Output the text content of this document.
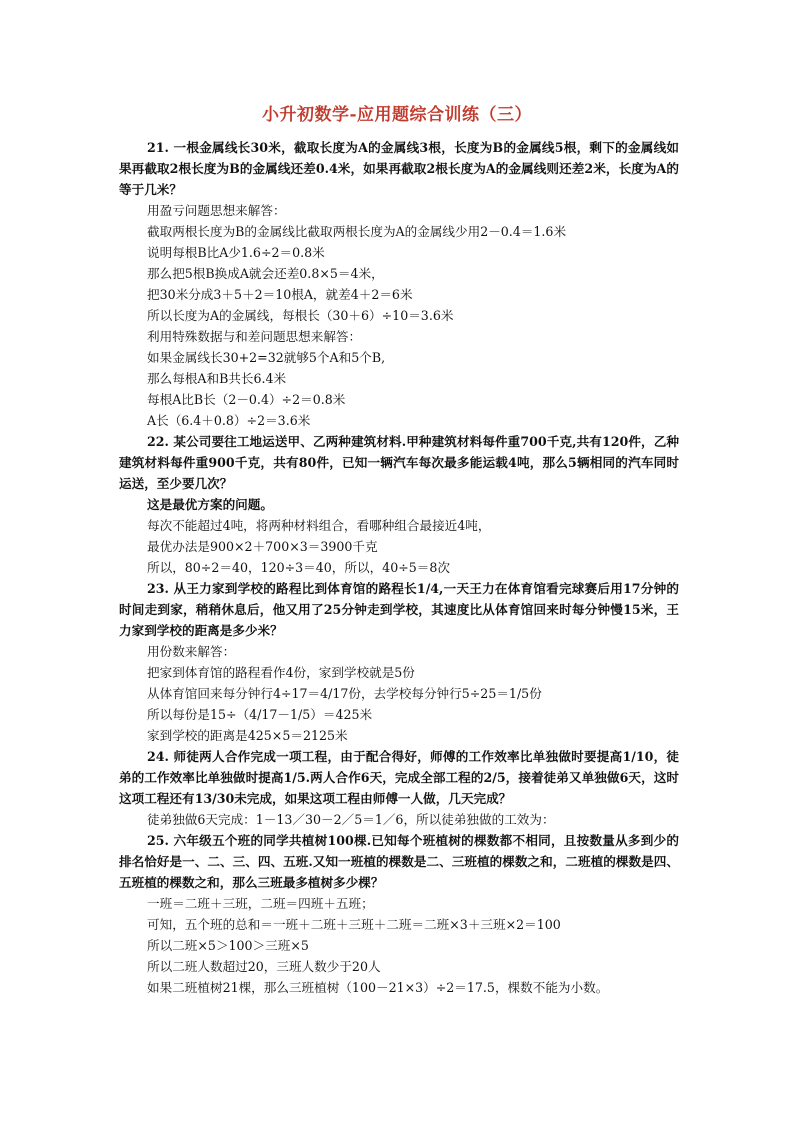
小升初数学-应用题综合训练（三）

21. 一根金属线长30米，截取长度为A的金属线3根，长度为B的金属线5根，剩下的金属线如果再截取2根长度为B的金属线还差0.4米，如果再截取2根长度为A的金属线则还差2米，长度为A的等于几米？

用盈亏问题思想来解答：

截取两根长度为B的金属线比截取两根长度为A的金属线少用2－0.4＝1.6米

说明每根B比A少1.6÷2＝0.8米

那么把5根B换成A就会还差0.8×5＝4米，

把30米分成3＋5＋2＝10根A，就差4＋2＝6米

所以长度为A的金属线，每根长（30＋6）÷10＝3.6米

利用特殊数据与和差问题思想来解答：

如果金属线长30+2=32就够5个A和5个B,

那么每根A和B共长6.4米

每根A比B长（2－0.4）÷2＝0.8米

A长（6.4＋0.8）÷2＝3.6米

22. 某公司要往工地运送甲、乙两种建筑材料.甲种建筑材料每件重700千克,共有120件，乙种建筑材料每件重900千克，共有80件，已知一辆汽车每次最多能运载4吨，那么5辆相同的汽车同时运送，至少要几次？

这是最优方案的问题。

每次不能超过4吨，将两种材料组合，看哪种组合最接近4吨，

最优办法是900×2＋700×3＝3900千克

所以，80÷2＝40，120÷3＝40，所以，40÷5＝8次

23. 从王力家到学校的路程比到体育馆的路程长1/4,一天王力在体育馆看完球赛后用17分钟的时间走到家，稍稍休息后，他又用了25分钟走到学校，其速度比从体育馆回来时每分钟慢15米，王力家到学校的距离是多少米？

用份数来解答：

把家到体育馆的路程看作4份，家到学校就是5份

从体育馆回来每分钟行4÷17＝4/17份，去学校每分钟行5÷25＝1/5份

所以每份是15÷（4/17－1/5）＝425米

家到学校的距离是425×5＝2125米

24. 师徒两人合作完成一项工程，由于配合得好，师傅的工作效率比单独做时要提高1/10，徒弟的工作效率比单独做时提高1/5.两人合作6天，完成全部工程的2/5，接着徒弟又单独做6天，这时这项工程还有13/30未完成，如果这项工程由师傅一人做，几天完成？

徒弟独做6天完成：1－13／30－2／5＝1／6，所以徒弟独做的工效为：

25. 六年级五个班的同学共植树100棵.已知每个班植树的棵数都不相同，且按数量从多到少的排名恰好是一、二、三、四、五班.又知一班植的棵数是二、三班植的棵数之和，二班植的棵数是四、五班植的棵数之和，那么三班最多植树多少棵？

一班＝二班＋三班，二班＝四班＋五班；

可知，五个班的总和＝一班＋二班＋三班＋二班＝二班×3＋三班×2＝100

所以二班×5＞100＞三班×5

所以二班人数超过20，三班人数少于20人

如果二班植树21棵，那么三班植树（100－21×3）÷2＝17.5，棵数不能为小数。
